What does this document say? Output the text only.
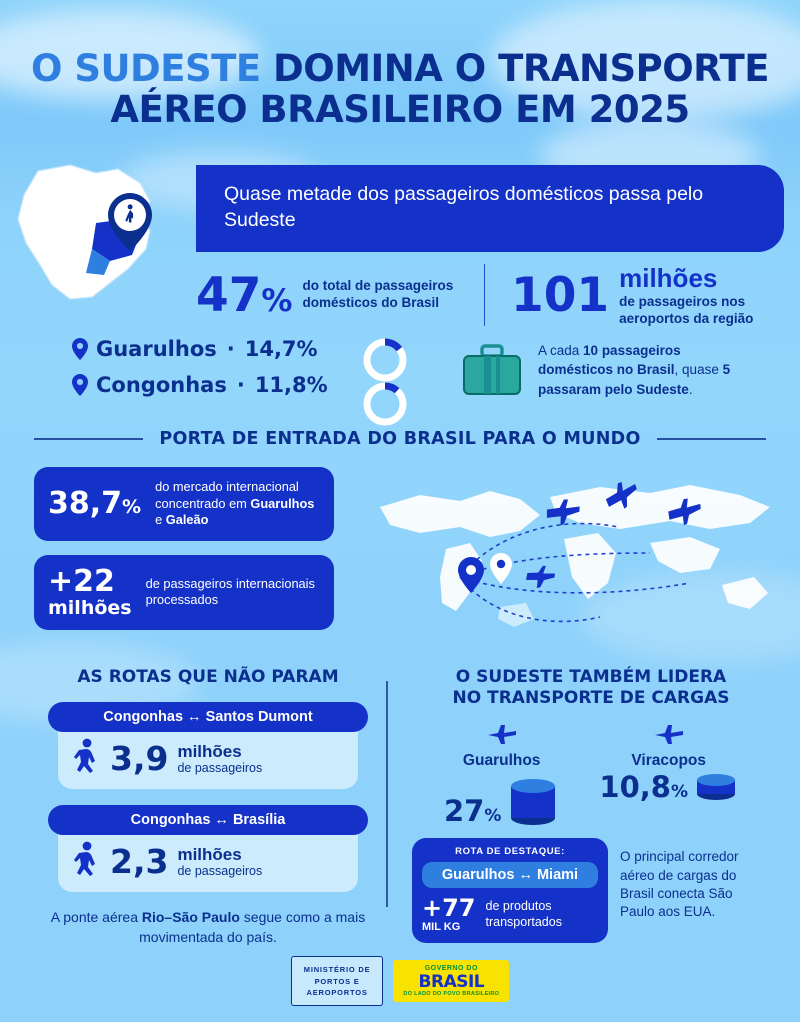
O SUDESTE DOMINA O TRANSPORTE
AÉREO BRASILEIRO EM 2025
Quase metade dos passageiros domésticos passa pelo Sudeste
47% do total de passageiros domésticos do Brasil	101 milhões
de passageiros nos aeroportos da região
Guarulhos · 14,7%
Congonhas · 11,8%
A cada 10 passageiros domésticos no Brasil, quase 5 passaram pelo Sudeste.
PORTA DE ENTRADA DO BRASIL PARA O MUNDO
38,7%
do mercado internacional concentrado em Guarulhos e Galeão
+22
milhões
de passageiros internacionais processados
AS ROTAS QUE NÃO PARAM
Congonhas ↔ Santos Dumont
3,9 milhões
de passageiros
Congonhas ↔ Brasília
2,3 milhões
de passageiros
A ponte aérea Rio–São Paulo segue como a mais movimentada do país.
O SUDESTE TAMBÉM LIDERA
NO TRANSPORTE DE CARGAS
Guarulhos
27%
Viracopos
10,8%
ROTA DE DESTAQUE:
Guarulhos ↔ Miami
+77
MIL KG
de produtos transportados
O principal corredor aéreo de cargas do Brasil conecta São Paulo aos EUA.
MINISTÉRIO DE
PORTOS E
AEROPORTOS
GOVERNO DO
BRASIL
DO LADO DO POVO BRASILEIRO
